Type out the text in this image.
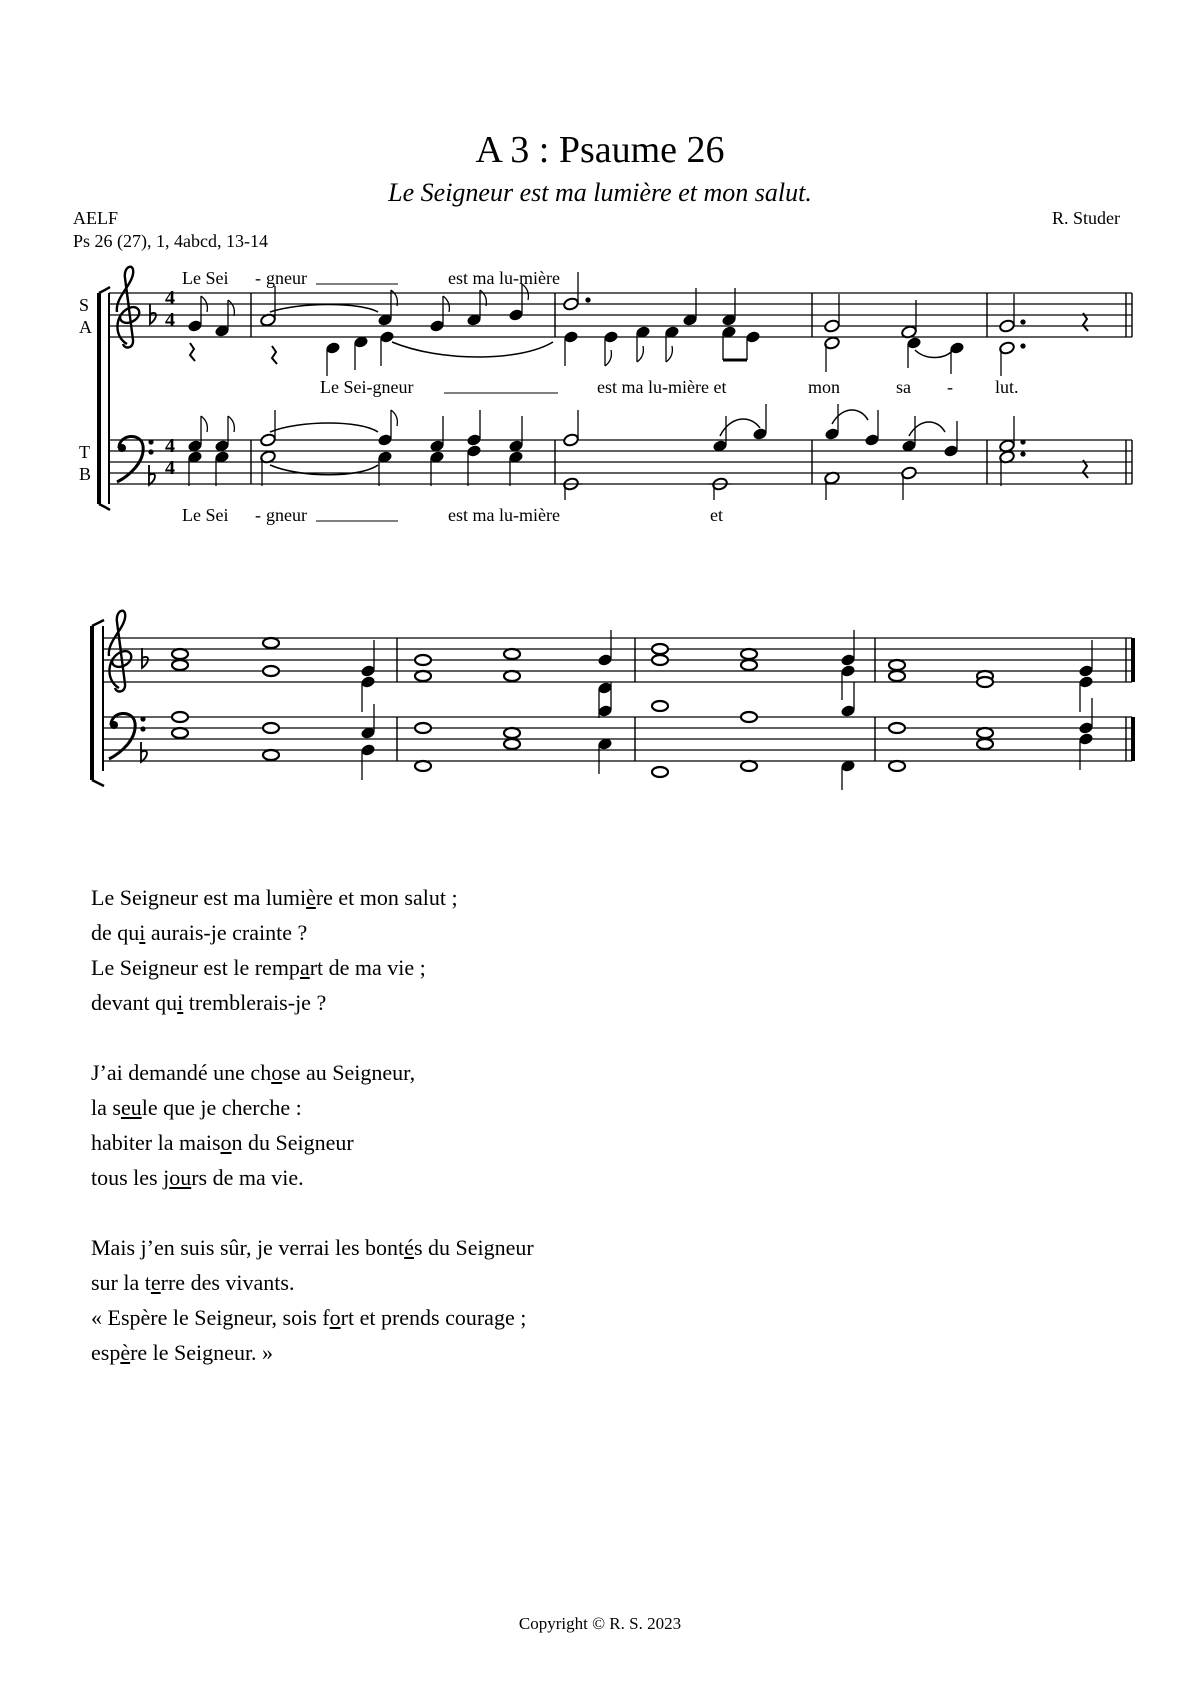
A 3 : Psaume 26
Le Seigneur est ma lumière et mon salut.
AELF
Ps 26 (27), 1, 4abcd, 13-14
R. Studer
4
4
4
4
S
A
T
B
Le Sei - gneur	est ma lu-mière
Le Sei-gneur	est ma lu-mière et	mon	sa - lut.
Le Sei - gneur	est ma lu-mière	et
Le Seigneur est ma lumière et mon salut ;
de qui aurais-je crainte ?
Le Seigneur est le rempart de ma vie ;
devant qui tremblerais-je ?
J’ai demandé une chose au Seigneur,
la seule que je cherche :
habiter la maison du Seigneur
tous les jours de ma vie.
Mais j’en suis sûr, je verrai les bontés du Seigneur
sur la terre des vivants.
« Espère le Seigneur, sois fort et prends courage ;
espère le Seigneur. »
Copyright © R. S. 2023
